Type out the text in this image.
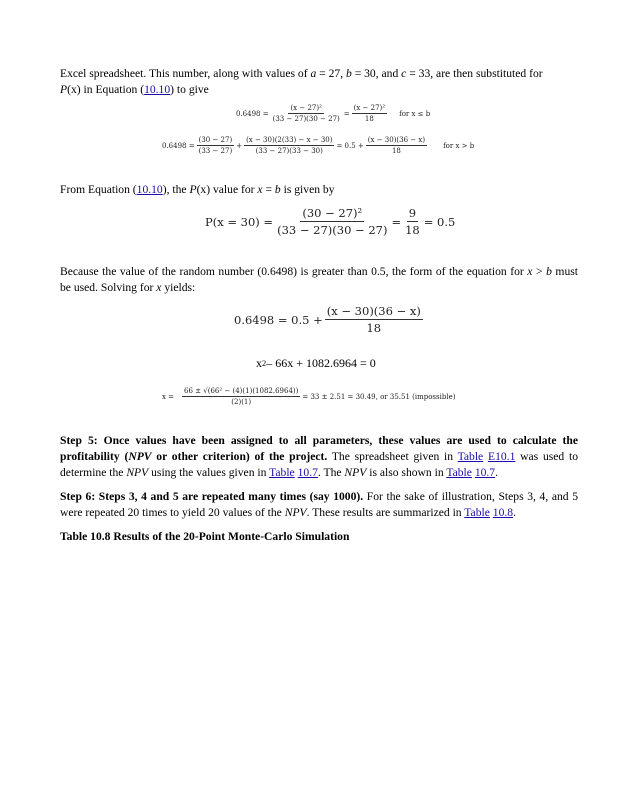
Excel spreadsheet. This number, along with values of a = 27, b = 30, and c = 33, are then substituted for
P(x) in Equation (10.10) to give
$0.6498 = \frac{\text{(x − 27)²}}{(33 - 27)(30 - 27)} = \frac{\text{(x − 27)²}}{18}$ for x ≤ b
$0.6498 = \frac{(30 - 27)}{(33 - 27)} + \frac{(x - 30)(2(33) - x - 30)}{(33 - 27)(33 - 30)} = 0.5 + \frac{(x - 30)(36 - x)}{18}$ for x > b
From Equation (10.10), the P(x) value for x = b is given by
$P(x = 30) = \frac{\text{(30 − 27)²}}{(33 - 27)(30 - 27)} = \frac{9}{18} = 0.5$
Because the value of the random number (0.6498) is greater than 0.5, the form of the equation for x > b must be used. Solving for x yields:
$0.6498 = 0.5 + \frac{(x - 30)(36 - x)}{18}$
x 2 – 66x + 1082.6964 = 0
$x = \frac{\text{66 ± √(66² − (4)(1)(1082.6964))}}{(2)(1)} = 33 \pm 2.51 = 30.49$, or 35.51 (impossible)
Step 5: Once values have been assigned to all parameters, these values are used to calculate the profitability (NPV or other criterion) of the project. The spreadsheet given in Table E10.1 was used to determine the NPV using the values given in Table 10.7. The NPV is also shown in Table 10.7.
Step 6: Steps 3, 4 and 5 are repeated many times (say 1000). For the sake of illustration, Steps 3, 4, and 5 were repeated 20 times to yield 20 values of the NPV. These results are summarized in Table 10.8.
Table 10.8 Results of the 20-Point Monte-Carlo Simulation
